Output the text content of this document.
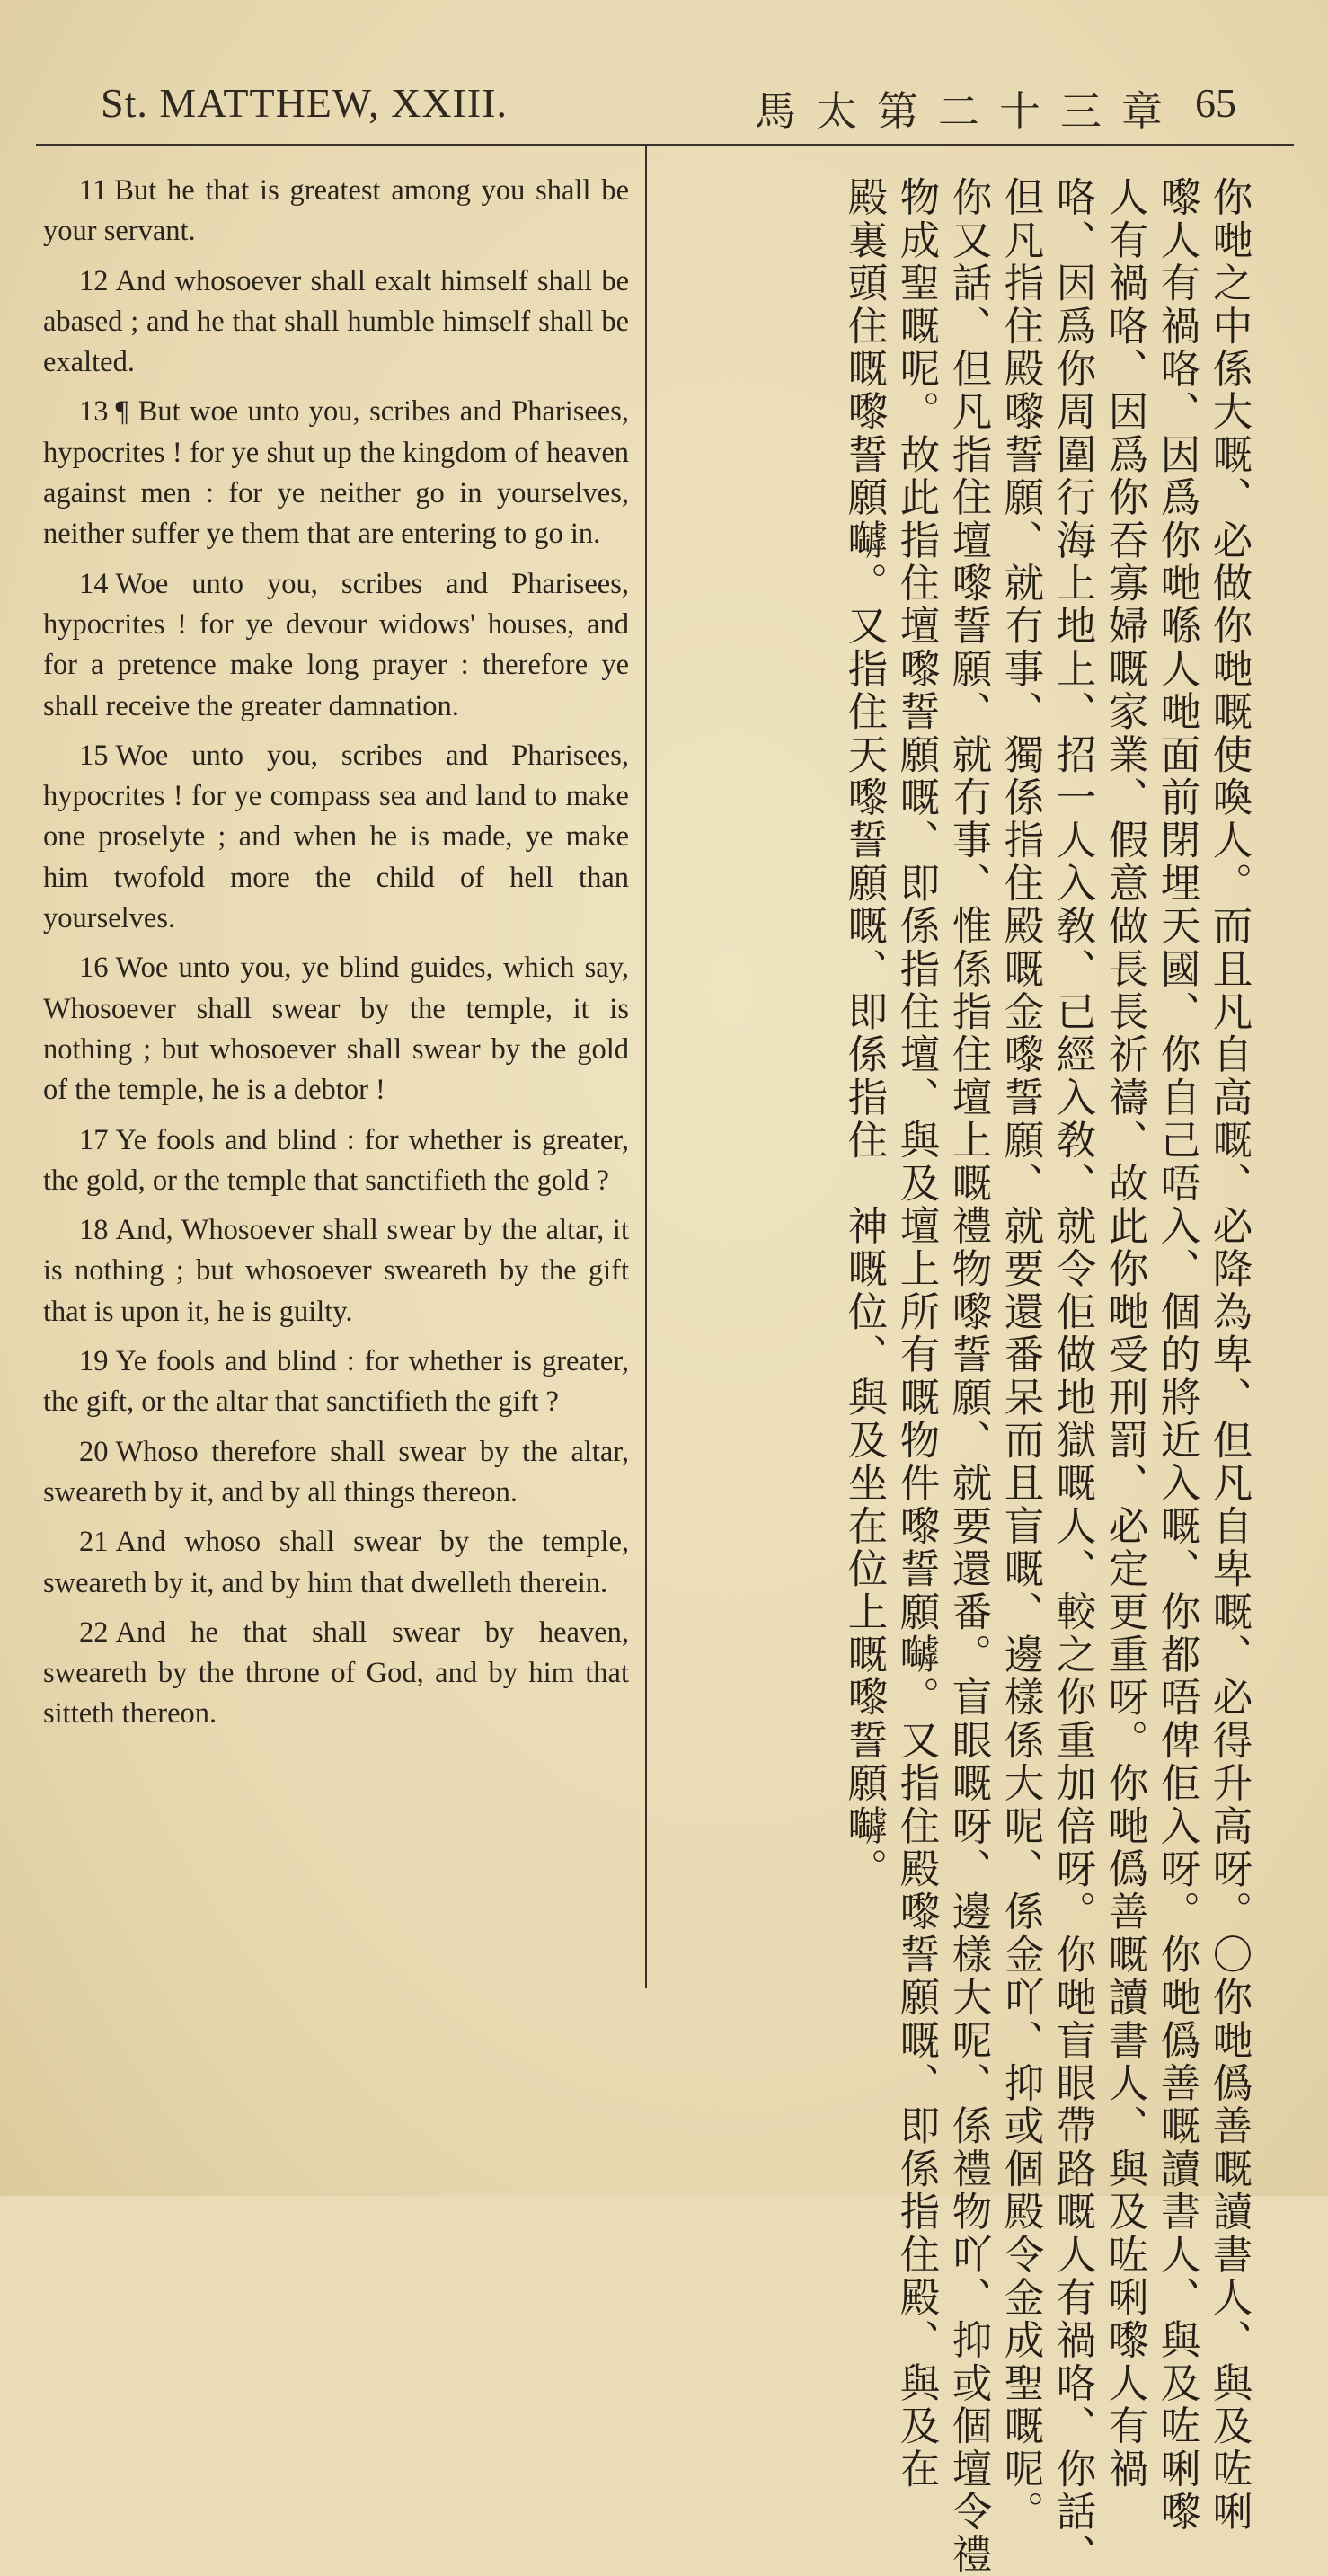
St. MATTHEW, XXIII.	馬太第二十三章 65

11 But he that is greatest among you shall be your servant.

12 And whosoever shall exalt himself shall be abased ; and he that shall humble himself shall be exalted.

13 ¶ But woe unto you, scribes and Pharisees, hypocrites ! for ye shut up the kingdom of heaven against men : for ye neither go in yourselves, neither suffer ye them that are entering to go in.

14 Woe unto you, scribes and Pharisees, hypocrites ! for ye devour widows' houses, and for a pretence make long prayer : therefore ye shall receive the greater damnation.

15 Woe unto you, scribes and Pharisees, hypocrites ! for ye compass sea and land to make one proselyte ; and when he is made, ye make him twofold more the child of hell than yourselves.

16 Woe unto you, ye blind guides, which say, Whosoever shall swear by the temple, it is nothing ; but whosoever shall swear by the gold of the temple, he is a debtor !

17 Ye fools and blind : for whether is greater, the gold, or the temple that sanctifieth the gold ?

18 And, Whosoever shall swear by the altar, it is nothing ; but whosoever sweareth by the gift that is upon it, he is guilty.

19 Ye fools and blind : for whether is greater, the gift, or the altar that sanctifieth the gift ?

20 Whoso therefore shall swear by the altar, sweareth by it, and by all things thereon.

21 And whoso shall swear by the temple, sweareth by it, and by him that dwelleth therein.

22 And he that shall swear by heaven, sweareth by the throne of God, and by him that sitteth thereon.	你哋之中係大嘅、必做你哋嘅使喚人。而且凡自高嘅、必降為卑、但凡自卑嘅、必得升高呀。〇你哋僞善嘅讀書人、與及咗唎
嚟人有禍咯、因爲你哋喺人哋面前閉埋天國、你自己唔入、個的將近入嘅、你都唔俾佢入呀。你哋僞善嘅讀書人、與及咗唎嚟
人有禍咯、因爲你吞寡婦嘅家業、假意做長長祈禱、故此你哋受刑罰、必定更重呀。你哋僞善嘅讀書人、與及咗唎嚟人有禍
咯、因爲你周圍行海上地上、招一人入敎、已經入敎、就令佢做地獄嘅人、較之你重加倍呀。你哋盲眼帶路嘅人有禍咯、你話、
但凡指住殿嚟誓願、就冇事、獨係指住殿嘅金嚟誓願、就要還番呆而且盲嘅、邊樣係大呢、係金吖、抑或個殿令金成聖嘅呢。
你又話、但凡指住壇嚟誓願、就冇事、惟係指住壇上嘅禮物嚟誓願、就要還番。盲眼嘅呀、邊樣大呢、係禮物吖、抑或個壇令禮
物成聖嘅呢。故此指住壇嚟誓願嘅、即係指住壇、與及壇上所有嘅物件嚟誓願嚹。又指住殿嚟誓願嘅、即係指住殿、與及在
殿裏頭住嘅嚟誓願嚹。又指住天嚟誓願嘅、即係指住　神嘅位、與及坐在位上嘅嚟誓願嚹。
